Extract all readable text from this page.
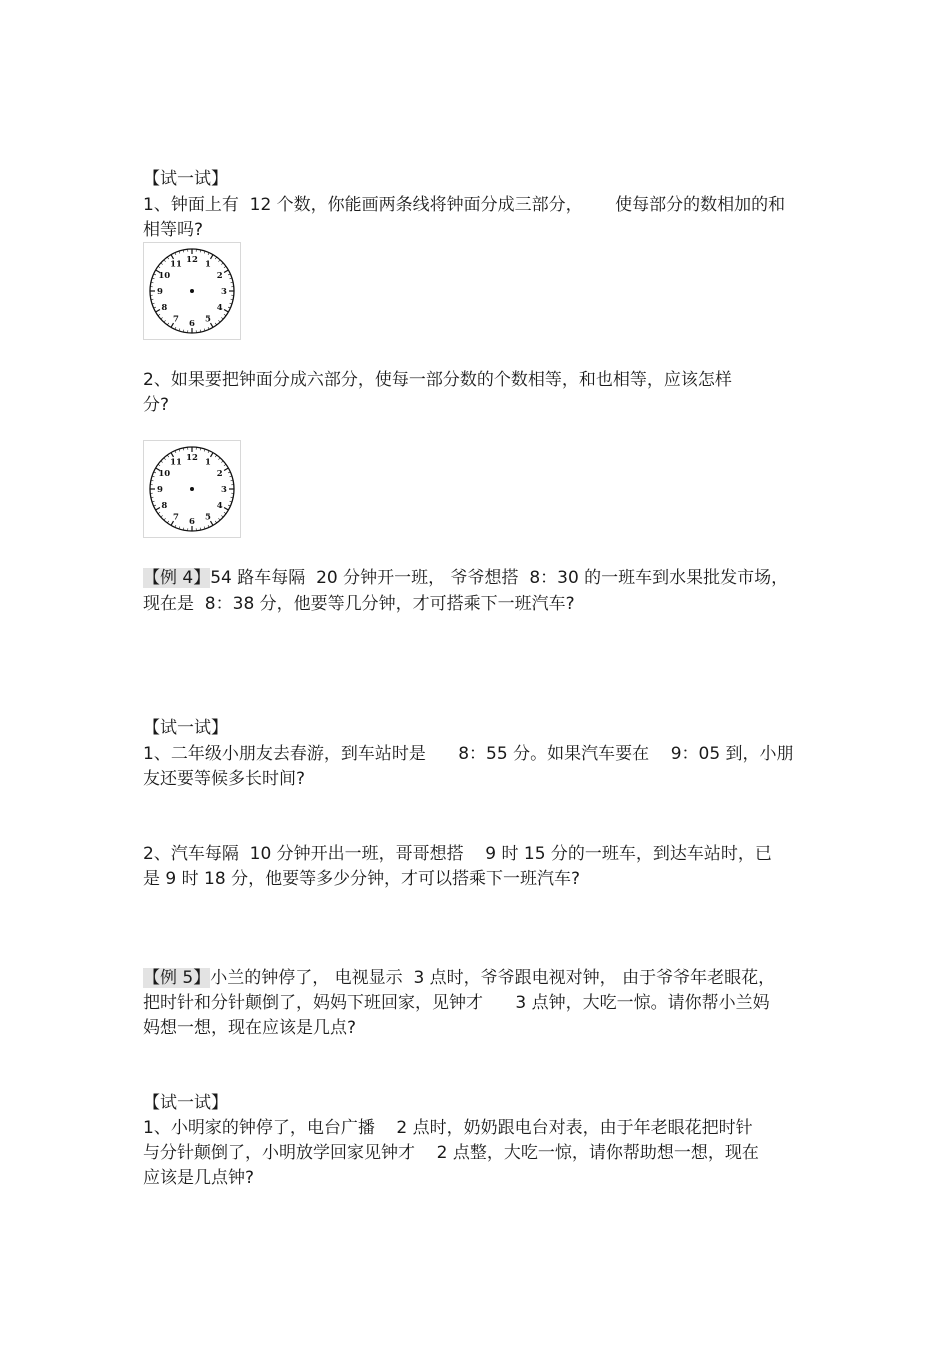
【试一试】
1、钟面上有  12 个数，你能画两条线将钟面分成三部分，      使每部分的数相加的和
相等吗?
12 1
2
3
4
5
6
7
8
9
10
11
2、如果要把钟面分成六部分，使每一部分数的个数相等，和也相等，应该怎样
分?
12 1
2
3
4
5
6
7
8
9
10
11
【例 4】54 路车每隔  20 分钟开一班， 爷爷想搭  8：30 的一班车到水果批发市场，
现在是  8：38 分，他要等几分钟，才可搭乘下一班汽车?
【试一试】
1、二年级小朋友去春游，到车站时是      8：55 分。如果汽车要在    9：05 到，小朋
友还要等候多长时间?
2、汽车每隔  10 分钟开出一班，哥哥想搭    9 时 15 分的一班车，到达车站时，已
是 9 时 18 分，他要等多少分钟，才可以搭乘下一班汽车?
【例 5】小兰的钟停了， 电视显示  3 点时，爷爷跟电视对钟， 由于爷爷年老眼花，
把时针和分针颠倒了，妈妈下班回家，见钟才      3 点钟，大吃一惊。请你帮小兰妈
妈想一想，现在应该是几点?
【试一试】
1、小明家的钟停了，电台广播    2 点时，奶奶跟电台对表，由于年老眼花把时针
与分针颠倒了，小明放学回家见钟才    2 点整，大吃一惊，请你帮助想一想，现在
应该是几点钟?
